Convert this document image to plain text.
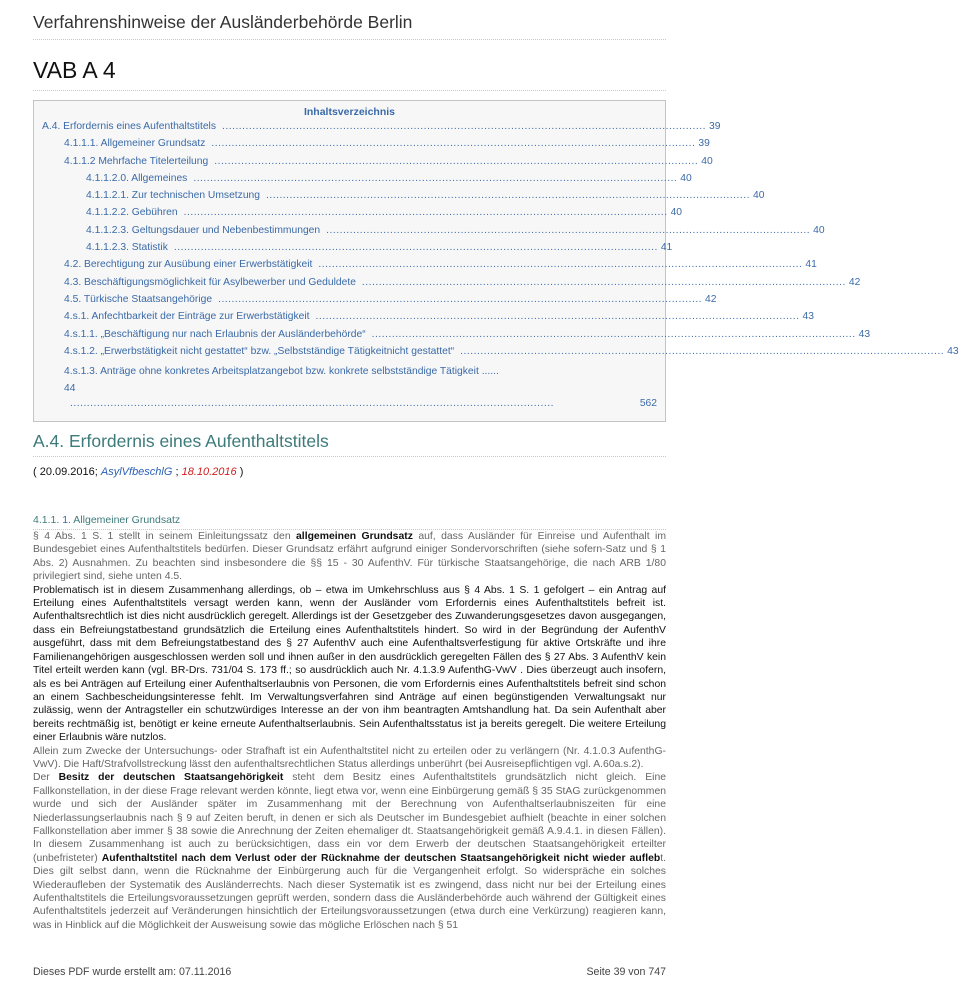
Verfahrenshinweise der Ausländerbehörde Berlin
VAB A 4
Inhaltsverzeichnis
A.4. Erfordernis eines Aufenthaltstitels ................................................................................................................................................ 39
4.1.1.1. Allgemeiner Grundsatz ................................................................................................................................................ 39
4.1.1.2 Mehrfache Titelerteilung ................................................................................................................................................ 40
4.1.1.2.0. Allgemeines ................................................................................................................................................ 40
4.1.1.2.1. Zur technischen Umsetzung ................................................................................................................................................ 40
4.1.1.2.2. Gebühren ................................................................................................................................................ 40
4.1.1.2.3. Geltungsdauer und Nebenbestimmungen ................................................................................................................................................ 40
4.1.1.2.3. Statistik ................................................................................................................................................ 41
4.2. Berechtigung zur Ausübung einer Erwerbstätigkeit ................................................................................................................................................ 41
4.3. Beschäftigungsmöglichkeit für Asylbewerber und Geduldete ................................................................................................................................................ 42
4.5. Türkische Staatsangehörige ................................................................................................................................................ 42
4.s.1. Anfechtbarkeit der Einträge zur Erwerbstätigkeit ................................................................................................................................................ 43
4.s.1.1. „Beschäftigung nur nach Erlaubnis der Ausländerbehörde“ ................................................................................................................................................ 43
4.s.1.2. „Erwerbstätigkeit nicht gestattet“ bzw. „Selbstständige Tätigkeitnicht gestattet“ ................................................................................................................................................ 43
4.s.1.3. Anträge ohne konkretes Arbeitsplatzangebot bzw. konkrete selbstständige Tätigkeit ......
44
................................................................................................................................................	562
A.4. Erfordernis eines Aufenthaltstitels
( 20.09.2016; AsylVfbeschlG ; 18.10.2016 )
4.1.1. 1. Allgemeiner Grundsatz

§ 4 Abs. 1 S. 1 stellt in seinem Einleitungssatz den allgemeinen Grundsatz auf, dass Ausländer für Einreise und Aufenthalt im Bundesgebiet eines Aufenthaltstitels bedürfen. Dieser Grundsatz erfährt aufgrund einiger Sondervorschriften (siehe sofern-Satz und § 1 Abs. 2) Ausnahmen. Zu beachten sind insbesondere die §§ 15 - 30 AufenthV. Für türkische Staatsangehörige, die nach ARB 1/80 privilegiert sind, siehe unten 4.5.

Problematisch ist in diesem Zusammenhang allerdings, ob – etwa im Umkehrschluss aus § 4 Abs. 1 S. 1 gefolgert – ein Antrag auf Erteilung eines Aufenthaltstitels versagt werden kann, wenn der Ausländer vom Erfordernis eines Aufenthaltstitels befreit ist. Aufenthaltsrechtlich ist dies nicht ausdrücklich geregelt. Allerdings ist der Gesetzgeber des Zuwanderungsgesetzes davon ausgegangen, dass ein Befreiungstatbestand grundsätzlich die Erteilung eines Aufenthaltstitels hindert. So wird in der Begründung der AufenthV ausgeführt, dass mit dem Befreiungstatbestand des § 27 AufenthV auch eine Aufenthaltsverfestigung für aktive Ortskräfte und ihre Familienangehörigen ausgeschlossen werden soll und ihnen außer in den ausdrücklich geregelten Fällen des § 27 Abs. 3 AufenthV kein Titel erteilt werden kann (vgl. BR-Drs. 731/04 S. 173 ff.; so ausdrücklich auch Nr. 4.1.3.9 AufenthG-VwV . Dies überzeugt auch insofern, als es bei Anträgen auf Erteilung einer Aufenthaltserlaubnis von Personen, die vom Erfordernis eines Aufenthaltstitels befreit sind schon an einem Sachbescheidungsinteresse fehlt. Im Verwaltungsverfahren sind Anträge auf einen begünstigenden Verwaltungsakt nur zulässig, wenn der Antragsteller ein schutzwürdiges Interesse an der von ihm beantragten Amtshandlung hat. Da sein Aufenthalt aber bereits rechtmäßig ist, benötigt er keine erneute Aufenthaltserlaubnis. Sein Aufenthaltsstatus ist ja bereits geregelt. Die weitere Erteilung einer Erlaubnis wäre nutzlos.

Allein zum Zwecke der Untersuchungs- oder Strafhaft ist ein Aufenthaltstitel nicht zu erteilen oder zu verlängern (Nr. 4.1.0.3 AufenthG-VwV). Die Haft/Strafvollstreckung lässt den aufenthaltsrechtlichen Status allerdings unberührt (bei Ausreisepflichtigen vgl. A.60a.s.2).

Der Besitz der deutschen Staatsangehörigkeit steht dem Besitz eines Aufenthaltstitels grundsätzlich nicht gleich. Eine Fallkonstellation, in der diese Frage relevant werden könnte, liegt etwa vor, wenn eine Einbürgerung gemäß § 35 StAG zurückgenommen wurde und sich der Ausländer später im Zusammenhang mit der Berechnung von Aufenthaltserlaubniszeiten für eine Niederlassungserlaubnis nach § 9 auf Zeiten beruft, in denen er sich als Deutscher im Bundesgebiet aufhielt (beachte in einer solchen Fallkonstellation aber immer § 38 sowie die Anrechnung der Zeiten ehemaliger dt. Staatsangehörigkeit gemäß A.9.4.1. in diesen Fällen). In diesem Zusammenhang ist auch zu berücksichtigen, dass ein vor dem Erwerb der deutschen Staatsangehörigkeit erteilter (unbefristeter) Aufenthaltstitel nach dem Verlust oder der Rücknahme der deutschen Staatsangehörigkeit nicht wieder auflebt. Dies gilt selbst dann, wenn die Rücknahme der Einbürgerung auch für die Vergangenheit erfolgt. So widerspräche ein solches Wiederaufleben der Systematik des Ausländerrechts. Nach dieser Systematik ist es zwingend, dass nicht nur bei der Erteilung eines Aufenthaltstitels die Erteilungsvoraussetzungen geprüft werden, sondern dass die Ausländerbehörde auch während der Gültigkeit eines Aufenthaltstitels jederzeit auf Veränderungen hinsichtlich der Erteilungsvoraussetzungen (etwa durch eine Verkürzung) reagieren kann, was in Hinblick auf die Möglichkeit der Ausweisung sowie das mögliche Erlöschen nach § 51

Dieses PDF wurde erstellt am: 07.11.2016	Seite 39 von 747
